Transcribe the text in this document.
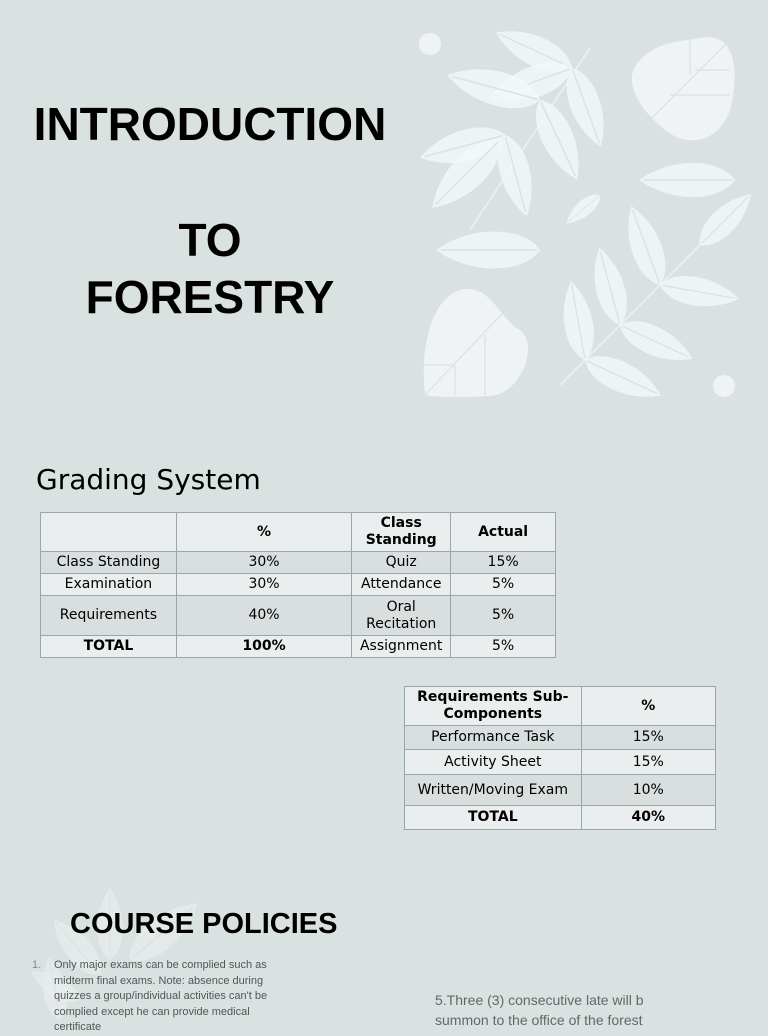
INTRODUCTION
TO
FORESTRY
Grading System
	%	Class Standing	Actual
Class Standing	30%	Quiz	15%
Examination	30%	Attendance	5%
Requirements	40%	Oral Recitation	5%
TOTAL	100%	Assignment	5%
Requirements Sub-Components	%
Performance Task	15%
Activity Sheet	15%
Written/Moving Exam	10%
TOTAL	40%
COURSE POLICIES
1. Only major exams can be complied such as midterm final exams. Note: absence during quizzes a group/individual activities can't be complied except he can provide medical certificate
5.Three (3) consecutive late will b summon to the office of the forest
